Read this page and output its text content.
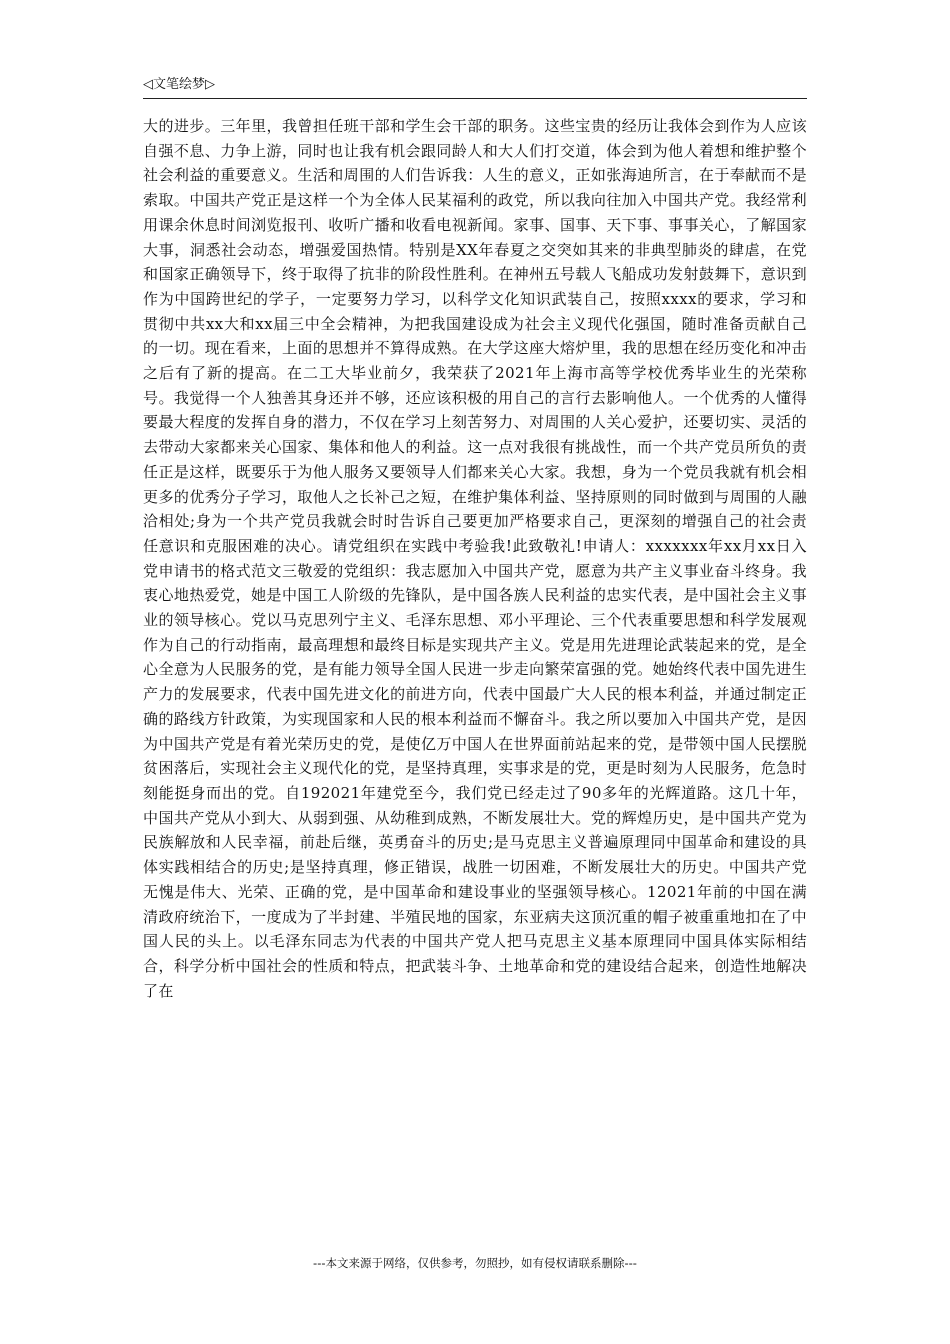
◁文笔绘梦▷

大的进步。三年里，我曾担任班干部和学生会干部的职务。这些宝贵的经历让我体会到作为人应该自强不息、力争上游，同时也让我有机会跟同龄人和大人们打交道，体会到为他人着想和维护整个社会利益的重要意义。生活和周围的人们告诉我：人生的意义，正如张海迪所言，在于奉献而不是索取。中国共产党正是这样一个为全体人民某福利的政党，所以我向往加入中国共产党。我经常利用课余休息时间浏览报刊、收听广播和收看电视新闻。家事、国事、天下事、事事关心，了解国家大事，洞悉社会动态，增强爱国热情。特别是XX年春夏之交突如其来的非典型肺炎的肆虐，在党和国家正确领导下，终于取得了抗非的阶段性胜利。在神州五号载人飞船成功发射鼓舞下，意识到作为中国跨世纪的学子，一定要努力学习，以科学文化知识武装自己，按照xxxx的要求，学习和贯彻中共xx大和xx届三中全会精神，为把我国建设成为社会主义现代化强国，随时准备贡献自己的一切。现在看来，上面的思想并不算得成熟。在大学这座大熔炉里，我的思想在经历变化和冲击之后有了新的提高。在二工大毕业前夕，我荣获了2021年上海市高等学校优秀毕业生的光荣称号。我觉得一个人独善其身还并不够，还应该积极的用自己的言行去影响他人。一个优秀的人懂得要最大程度的发挥自身的潜力，不仅在学习上刻苦努力、对周围的人关心爱护，还要切实、灵活的去带动大家都来关心国家、集体和他人的利益。这一点对我很有挑战性，而一个共产党员所负的责任正是这样，既要乐于为他人服务又要领导人们都来关心大家。我想，身为一个党员我就有机会相更多的优秀分子学习，取他人之长补己之短，在维护集体利益、坚持原则的同时做到与周围的人融洽相处;身为一个共产党员我就会时时告诉自己要更加严格要求自己，更深刻的增强自己的社会责任意识和克服困难的决心。请党组织在实践中考验我!此致敬礼!申请人：xxxxxxx年xx月xx日入党申请书的格式范文三敬爱的党组织：我志愿加入中国共产党，愿意为共产主义事业奋斗终身。我衷心地热爱党，她是中国工人阶级的先锋队，是中国各族人民利益的忠实代表，是中国社会主义事业的领导核心。党以马克思列宁主义、毛泽东思想、邓小平理论、三个代表重要思想和科学发展观作为自己的行动指南，最高理想和最终目标是实现共产主义。党是用先进理论武装起来的党，是全心全意为人民服务的党，是有能力领导全国人民进一步走向繁荣富强的党。她始终代表中国先进生产力的发展要求，代表中国先进文化的前进方向，代表中国最广大人民的根本利益，并通过制定正确的路线方针政策，为实现国家和人民的根本利益而不懈奋斗。我之所以要加入中国共产党，是因为中国共产党是有着光荣历史的党，是使亿万中国人在世界面前站起来的党，是带领中国人民摆脱贫困落后，实现社会主义现代化的党，是坚持真理，实事求是的党，更是时刻为人民服务，危急时刻能挺身而出的党。自192021年建党至今，我们党已经走过了90多年的光辉道路。这几十年，中国共产党从小到大、从弱到强、从幼稚到成熟，不断发展壮大。党的辉煌历史，是中国共产党为民族解放和人民幸福，前赴后继，英勇奋斗的历史;是马克思主义普遍原理同中国革命和建设的具体实践相结合的历史;是坚持真理，修正错误，战胜一切困难，不断发展壮大的历史。中国共产党无愧是伟大、光荣、正确的党，是中国革命和建设事业的坚强领导核心。12021年前的中国在满清政府统治下，一度成为了半封建、半殖民地的国家，东亚病夫这顶沉重的帽子被重重地扣在了中国人民的头上。以毛泽东同志为代表的中国共产党人把马克思主义基本原理同中国具体实际相结合，科学分析中国社会的性质和特点，把武装斗争、土地革命和党的建设结合起来，创造性地解决了在

---本文来源于网络，仅供参考，勿照抄，如有侵权请联系删除---
